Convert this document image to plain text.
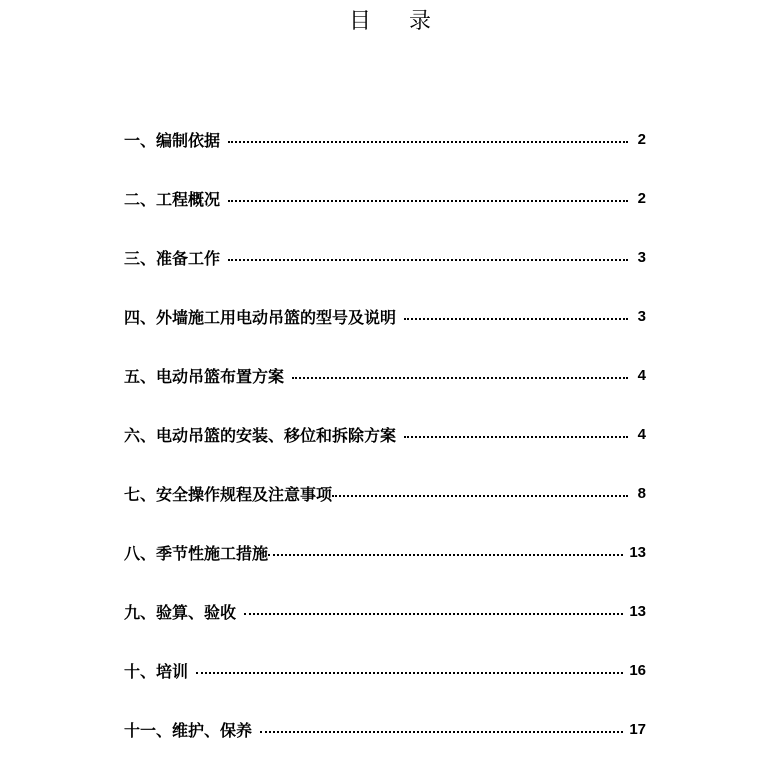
目 录
一、编制依据	2
二、工程概况	2
三、准备工作	3
四、外墙施工用电动吊篮的型号及说明	3
五、电动吊篮布置方案	4
六、电动吊篮的安装、移位和拆除方案	4
七、安全操作规程及注意事项	8
八、季节性施工措施	13
九、验算、验收	13
十、培训	16
十一、维护、保养	17
